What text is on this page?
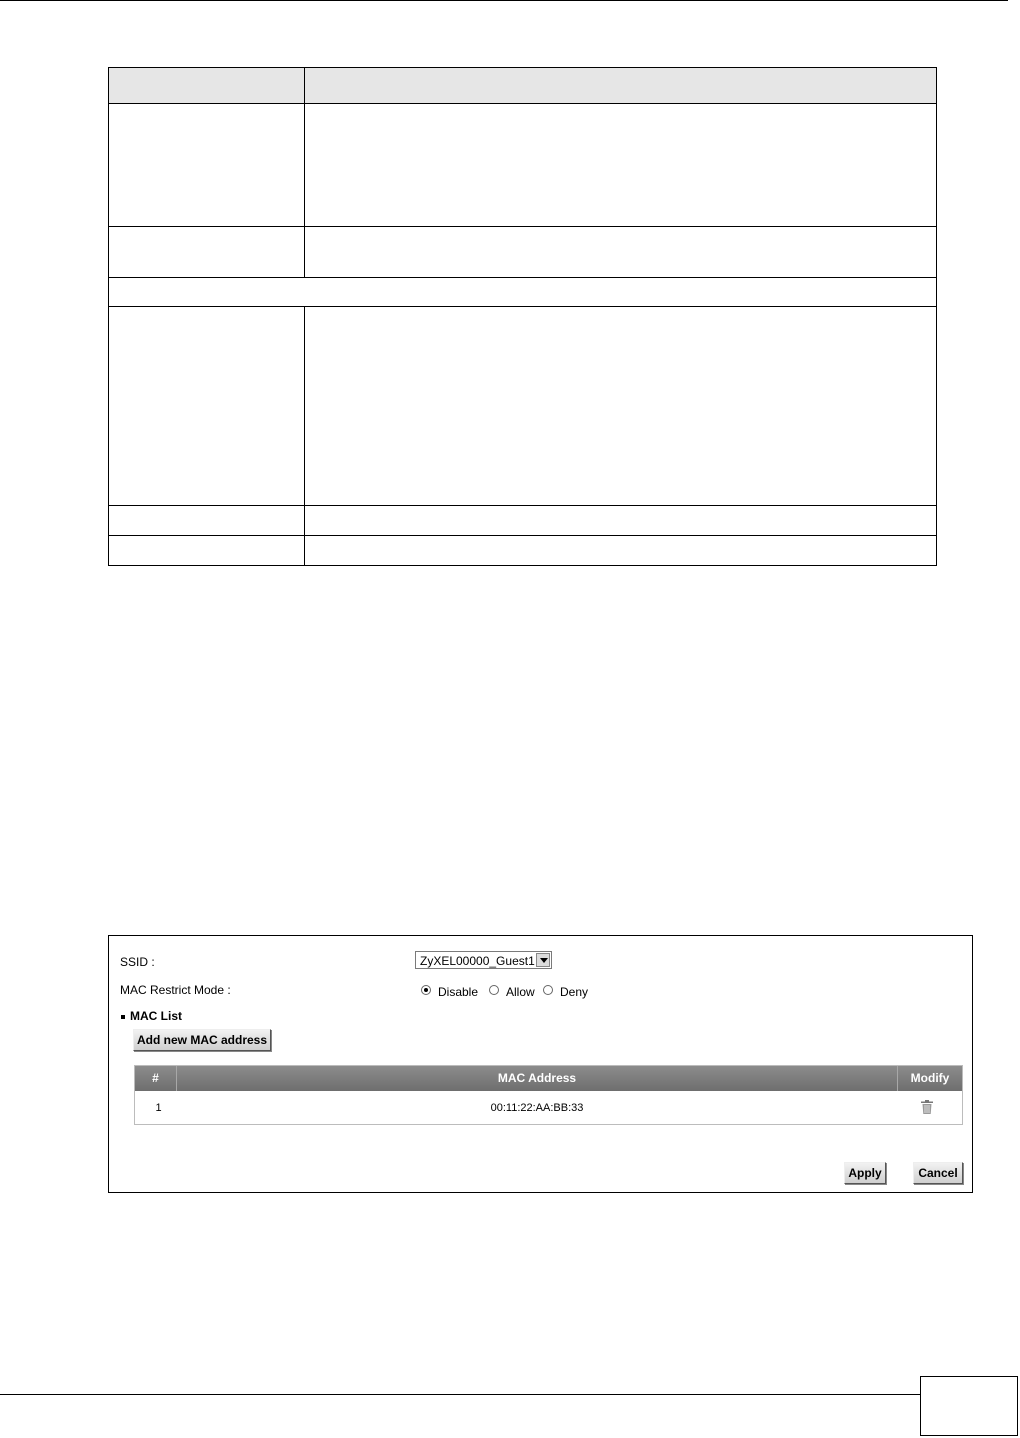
SSID :	ZyXEL00000_Guest1
MAC Restrict Mode :	Disable Allow Deny
MAC List
Add new MAC address
#	MAC Address	Modify
1	00:11:22:AA:BB:33
Apply	Cancel
